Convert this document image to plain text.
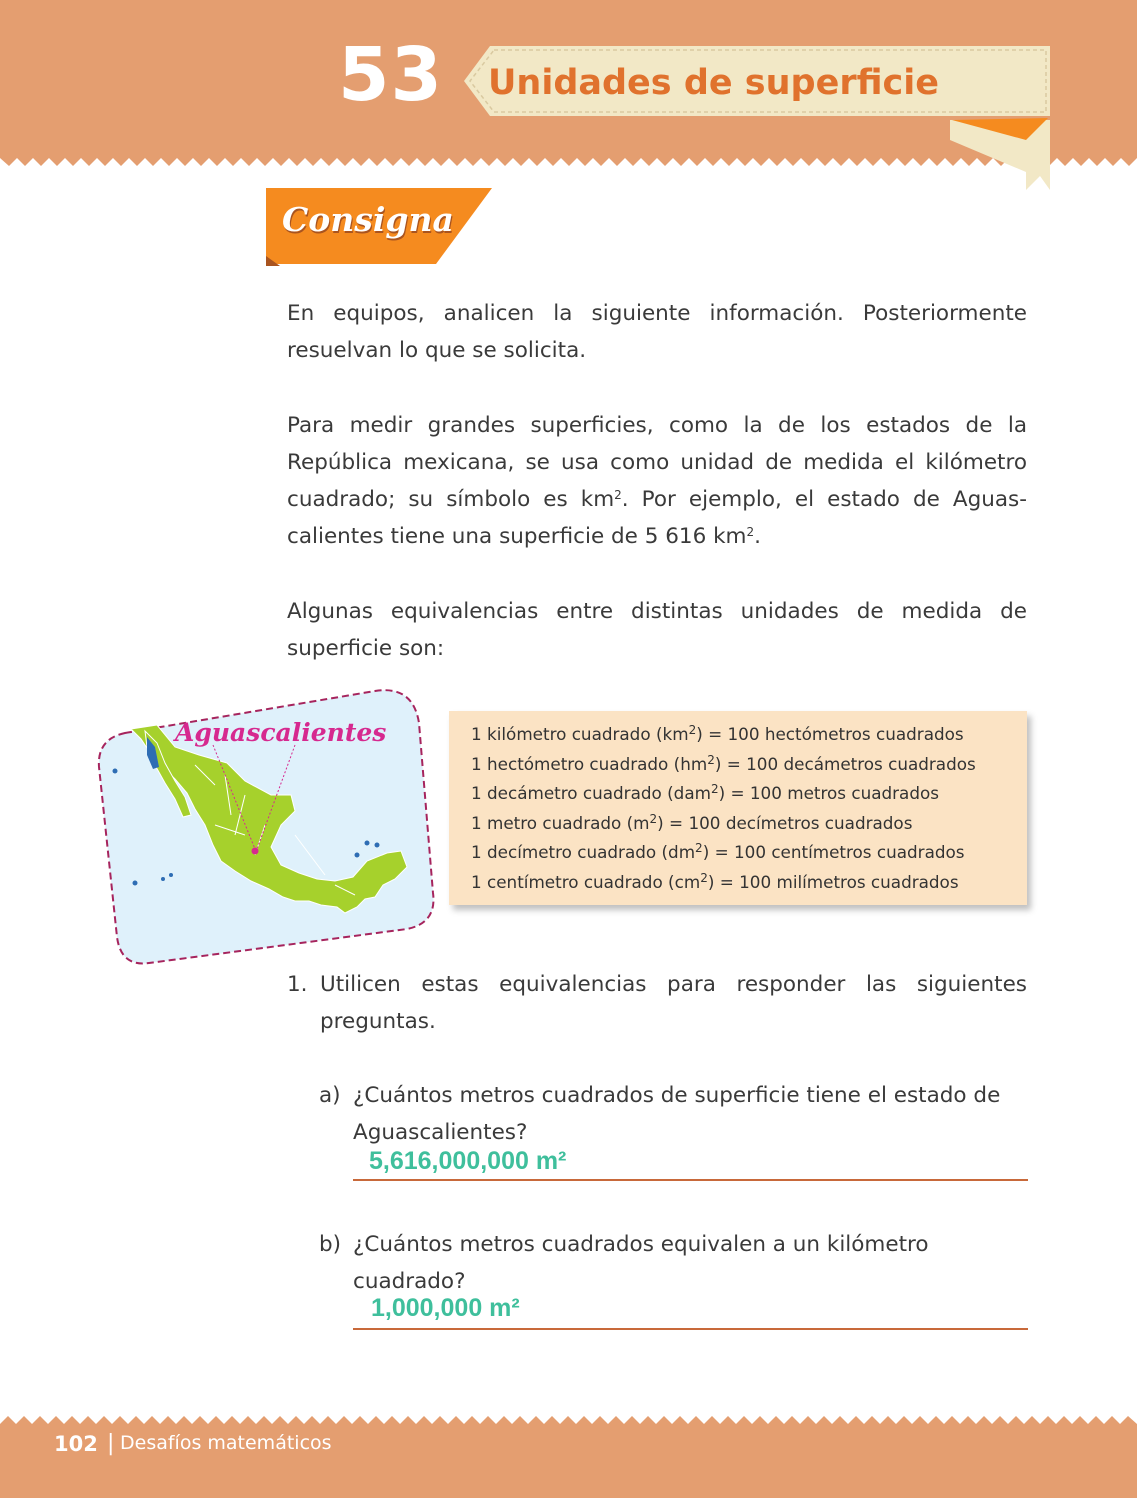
53 Unidades de superficie
Consigna

En equipos, analicen la siguiente información. Posteriormente resuelvan lo que se solicita.

Para medir grandes superficies, como la de los estados de la
República mexicana, se usa como unidad de medida el kilómetro
cuadrado; su símbolo es $km^2$. Por ejemplo, el estado de Aguas-
calientes tiene una superficie de 5 616 $km^2$.

Algunas equivalencias entre distintas unidades de medida de superficie son:

Aguascalientes	1 kilómetro cuadrado $(km^2) = 100$ hectómetros cuadrados
1 hectómetro cuadrado $(hm^2) = 100$ decámetros cuadrados
1 decámetro cuadrado (dam$^2$) = 100 metros cuadrados
1 metro cuadrado $(m^2) = 100$ decímetros cuadrados
1 decímetro cuadrado $(dm^2) = 100$ centímetros cuadrados
1 centímetro cuadrado $(cm^2) = 100$ milímetros cuadrados
1. Utilicen estas equivalencias para responder las siguientes preguntas.
a) ¿Cuántos metros cuadrados de superficie tiene el estado de Aguascalientes?
5,616,000,000 m²
b) ¿Cuántos metros cuadrados equivalen a un kilómetro cuadrado?
1,000,000 m²
102 | Desafíos matemáticos
